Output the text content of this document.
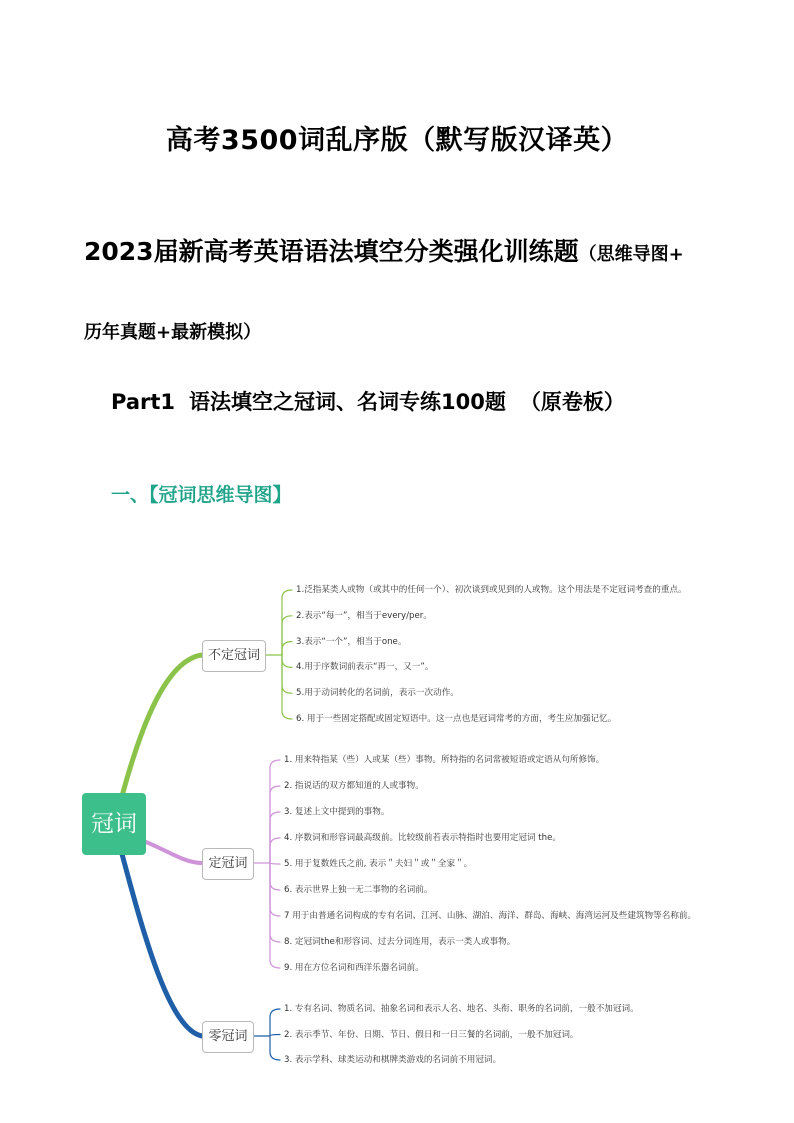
高考3500词乱序版（默写版汉译英）
2023届新高考英语语法填空分类强化训练题（思维导图+
历年真题+最新模拟）
Part1 语法填空之冠词、名词专练100题 （原卷板）
一、【冠词思维导图】
冠词
不定冠词
定冠词
零冠词
1.泛指某类人或物（或其中的任何一个）、初次谈到或见到的人或物。这个用法是不定冠词考查的重点。
2.表示“每一”，相当于every/per。
3.表示“一个”，相当于one。
4.用于序数词前表示“再一，又一”。
5.用于动词转化的名词前，表示一次动作。
6. 用于一些固定搭配或固定短语中。这一点也是冠词常考的方面，考生应加强记忆。
1. 用来特指某（些）人或某（些）事物。所特指的名词常被短语或定语从句所修饰。
2. 指说话的双方都知道的人或事物。
3. 复述上文中提到的事物。
4. 序数词和形容词最高级前。比较级前若表示特指时也要用定冠词 the。
5. 用于复数姓氏之前, 表示＂夫妇＂或＂全家＂。
6. 表示世界上独一无二事物的名词前。
7 用于由普通名词构成的专有名词、江河、山脉、湖泊、海洋、群岛、海峡、海湾运河及些建筑物等名称前。
8. 定冠词the和形容词、过去分词连用，表示一类人或事物。
9. 用在方位名词和西洋乐器名词前。
1. 专有名词、物质名词、抽象名词和表示人名、地名、头衔、职务的名词前，一般不加冠词。
2. 表示季节、年份、日期、节日、假日和一日三餐的名词前，一般不加冠词。
3. 表示学科、球类运动和棋牌类游戏的名词前不用冠词。
